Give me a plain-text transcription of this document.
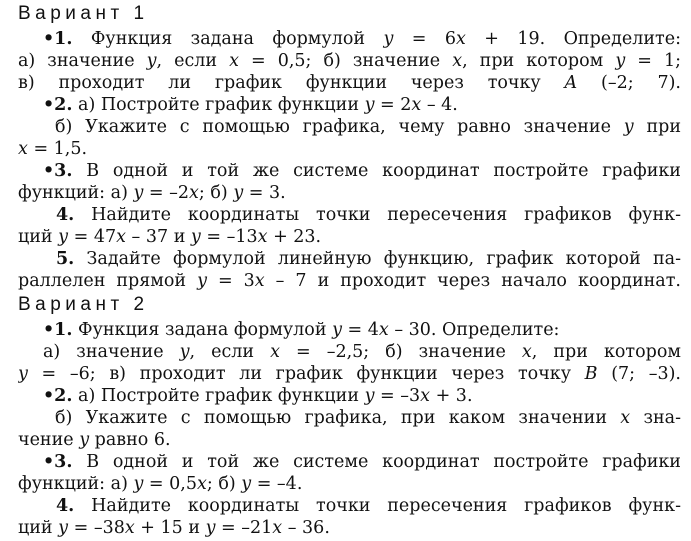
Вариант 1
•1. Функция задана формулой y = 6x + 19. Определите:
а) значение y, если x = 0,5; б) значение x, при котором y = 1;
в) проходит ли график функции через точку A (–2; 7).
•2. а) Постройте график функции y = 2x – 4.
б) Укажите с помощью графика, чему равно значение y при
x = 1,5.
•3. В одной и той же системе координат постройте графики
функций: а) y = –2x; б) y = 3.
4. Найдите координаты точки пересечения графиков функ-
ций y = 47x – 37 и y = –13x + 23.
5. Задайте формулой линейную функцию, график которой па-
раллелен прямой y = 3x – 7 и проходит через начало координат.
Вариант 2
•1. Функция задана формулой y = 4x – 30. Определите:
а) значение y, если x = –2,5; б) значение x, при котором
y = –6; в) проходит ли график функции через точку B (7; –3).
•2. а) Постройте график функции y = –3x + 3.
б) Укажите с помощью графика, при каком значении x зна-
чение y равно 6.
•3. В одной и той же системе координат постройте графики
функций: а) y = 0,5x; б) y = –4.
4. Найдите координаты точки пересечения графиков функ-
ций y = –38x + 15 и y = –21x – 36.
